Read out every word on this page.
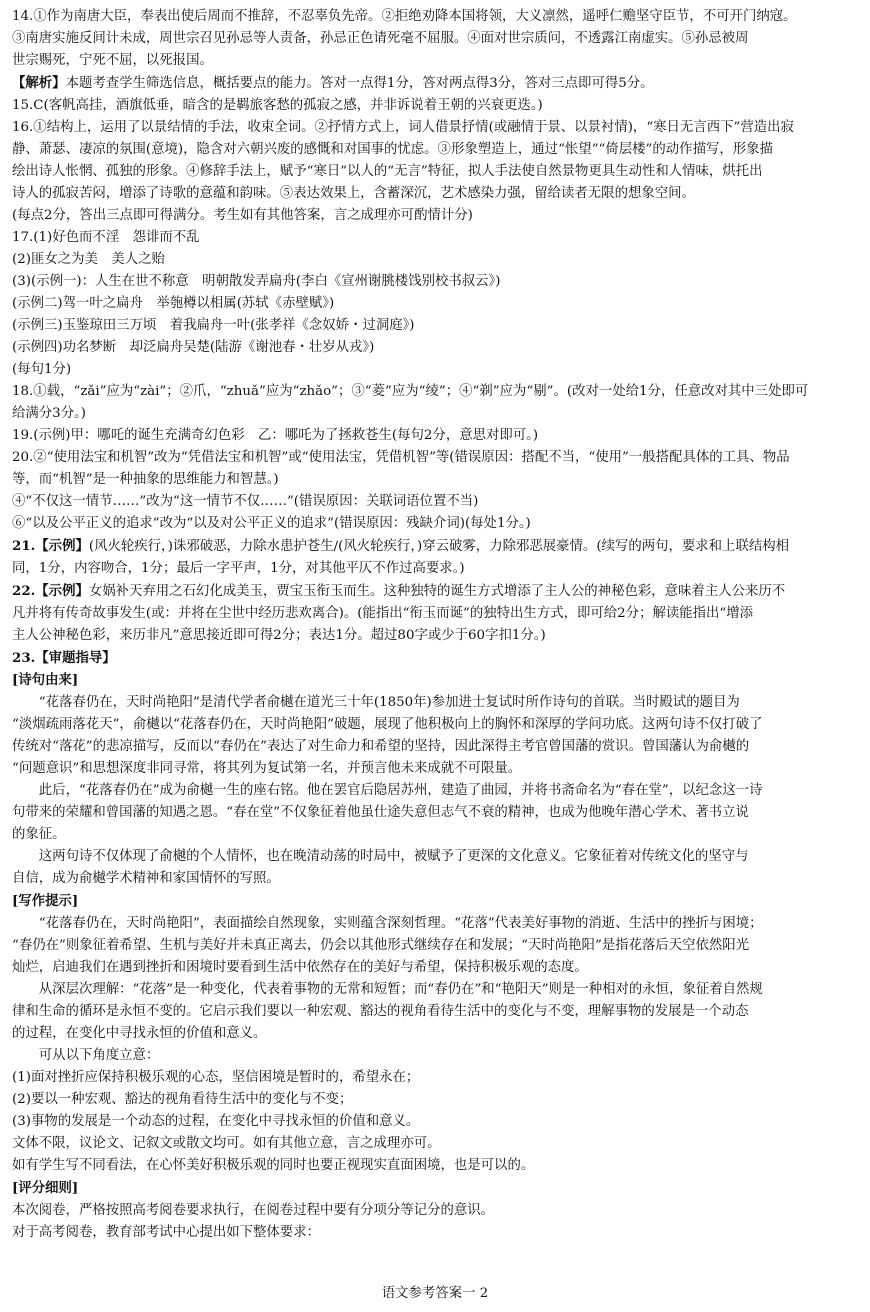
14.①作为南唐大臣，奉表出使后周而不推辞，不忍辜负先帝。②拒绝劝降本国将领，大义凛然，遥呼仁赡坚守臣节，不可开门纳寇。

③南唐实施反间计未成，周世宗召见孙忌等人责备，孙忌正色请死毫不屈服。④面对世宗质问，不透露江南虚实。⑤孙忌被周

世宗赐死，宁死不屈，以死报国。

【解析】本题考查学生筛选信息，概括要点的能力。答对一点得1分，答对两点得3分，答对三点即可得5分。

15.C(客帆高挂，酒旗低垂，暗含的是羁旅客愁的孤寂之感，并非诉说着王朝的兴衰更迭。)

16.①结构上，运用了以景结情的手法，收束全词。②抒情方式上，词人借景抒情(或融情于景、以景衬情)，“寒日无言西下”营造出寂

静、萧瑟、凄凉的氛围(意境)，隐含对六朝兴废的感慨和对国事的忧虑。③形象塑造上，通过“怅望”“倚层楼”的动作描写，形象描

绘出诗人怅惘、孤独的形象。④修辞手法上，赋予“寒日”以人的“无言”特征，拟人手法使自然景物更具生动性和人情味，烘托出

诗人的孤寂苦闷，增添了诗歌的意蕴和韵味。⑤表达效果上，含蓄深沉，艺术感染力强，留给读者无限的想象空间。

(每点2分，答出三点即可得满分。考生如有其他答案，言之成理亦可酌情计分)

17.(1)好色而不淫　怨诽而不乱

(2)匪女之为美　美人之贻

(3)(示例一)：人生在世不称意　明朝散发弄扁舟(李白《宣州谢朓楼饯别校书叔云》)

(示例二)驾一叶之扁舟　举匏樽以相属(苏轼《赤壁赋》)

(示例三)玉鉴琼田三万顷　着我扁舟一叶(张孝祥《念奴娇・过洞庭》)

(示例四)功名梦断　却泛扁舟吴楚(陆游《谢池春・壮岁从戎》)

(每句1分)

18.①载，“zǎi”应为“zài”；②爪，“zhuǎ”应为“zhǎo”；③“菱”应为“绫”；④“剃”应为“剔”。(改对一处给1分，任意改对其中三处即可

给满分3分。)

19.(示例)甲：哪吒的诞生充满奇幻色彩　乙：哪吒为了拯救苍生(每句2分，意思对即可。)

20.②“使用法宝和机智”改为“凭借法宝和机智”或“使用法宝，凭借机智”等(错误原因：搭配不当，“使用”一般搭配具体的工具、物品

等，而“机智”是一种抽象的思维能力和智慧。)

④“不仅这一情节……”改为“这一情节不仅……”(错误原因：关联词语位置不当)

⑥“以及公平正义的追求”改为“以及对公平正义的追求”(错误原因：残缺介词)(每处1分。)

21.【示例】(风火轮疾行，)诛邪破恶，力除水患护苍生/(风火轮疾行，)穿云破雾，力除邪恶展豪情。(续写的两句，要求和上联结构相

同，1分，内容吻合，1分；最后一字平声，1分，对其他平仄不作过高要求。)

22.【示例】女娲补天弃用之石幻化成美玉，贾宝玉衔玉而生。这种独特的诞生方式增添了主人公的神秘色彩，意味着主人公来历不

凡并将有传奇故事发生(或：并将在尘世中经历悲欢离合)。(能指出“衔玉而诞”的独特出生方式，即可给2分；解读能指出“增添

主人公神秘色彩，来历非凡”意思接近即可得2分；表达1分。超过80字或少于60字扣1分。)

23.【审题指导】

[诗句由来]

“花落春仍在，天时尚艳阳”是清代学者俞樾在道光三十年(1850年)参加进士复试时所作诗句的首联。当时殿试的题目为

“淡烟疏雨落花天”，俞樾以“花落春仍在，天时尚艳阳”破题，展现了他积极向上的胸怀和深厚的学问功底。这两句诗不仅打破了

传统对“落花”的悲凉描写，反而以“春仍在”表达了对生命力和希望的坚持，因此深得主考官曾国藩的赏识。曾国藩认为俞樾的

“问题意识”和思想深度非同寻常，将其列为复试第一名，并预言他未来成就不可限量。

此后，“花落春仍在”成为俞樾一生的座右铭。他在罢官后隐居苏州，建造了曲园，并将书斋命名为“春在堂”，以纪念这一诗

句带来的荣耀和曾国藩的知遇之恩。“春在堂”不仅象征着他虽仕途失意但志气不衰的精神，也成为他晚年潜心学术、著书立说

的象征。

这两句诗不仅体现了俞樾的个人情怀，也在晚清动荡的时局中，被赋予了更深的文化意义。它象征着对传统文化的坚守与

自信，成为俞樾学术精神和家国情怀的写照。

[写作提示]

“花落春仍在，天时尚艳阳”，表面描绘自然现象，实则蕴含深刻哲理。“花落”代表美好事物的消逝、生活中的挫折与困境；

“春仍在”则象征着希望、生机与美好并未真正离去，仍会以其他形式继续存在和发展；“天时尚艳阳”是指花落后天空依然阳光

灿烂，启迪我们在遇到挫折和困境时要看到生活中依然存在的美好与希望，保持积极乐观的态度。

从深层次理解：“花落”是一种变化，代表着事物的无常和短暂；而“春仍在”和“艳阳天”则是一种相对的永恒，象征着自然规

律和生命的循环是永恒不变的。它启示我们要以一种宏观、豁达的视角看待生活中的变化与不变，理解事物的发展是一个动态

的过程，在变化中寻找永恒的价值和意义。

可从以下角度立意：

(1)面对挫折应保持积极乐观的心态，坚信困境是暂时的，希望永在；

(2)要以一种宏观、豁达的视角看待生活中的变化与不变；

(3)事物的发展是一个动态的过程，在变化中寻找永恒的价值和意义。

文体不限，议论文、记叙文或散文均可。如有其他立意，言之成理亦可。

如有学生写不同看法，在心怀美好积极乐观的同时也要正视现实直面困境，也是可以的。

[评分细则]

本次阅卷，严格按照高考阅卷要求执行，在阅卷过程中要有分项分等记分的意识。

对于高考阅卷，教育部考试中心提出如下整体要求：

语文参考答案一 2
